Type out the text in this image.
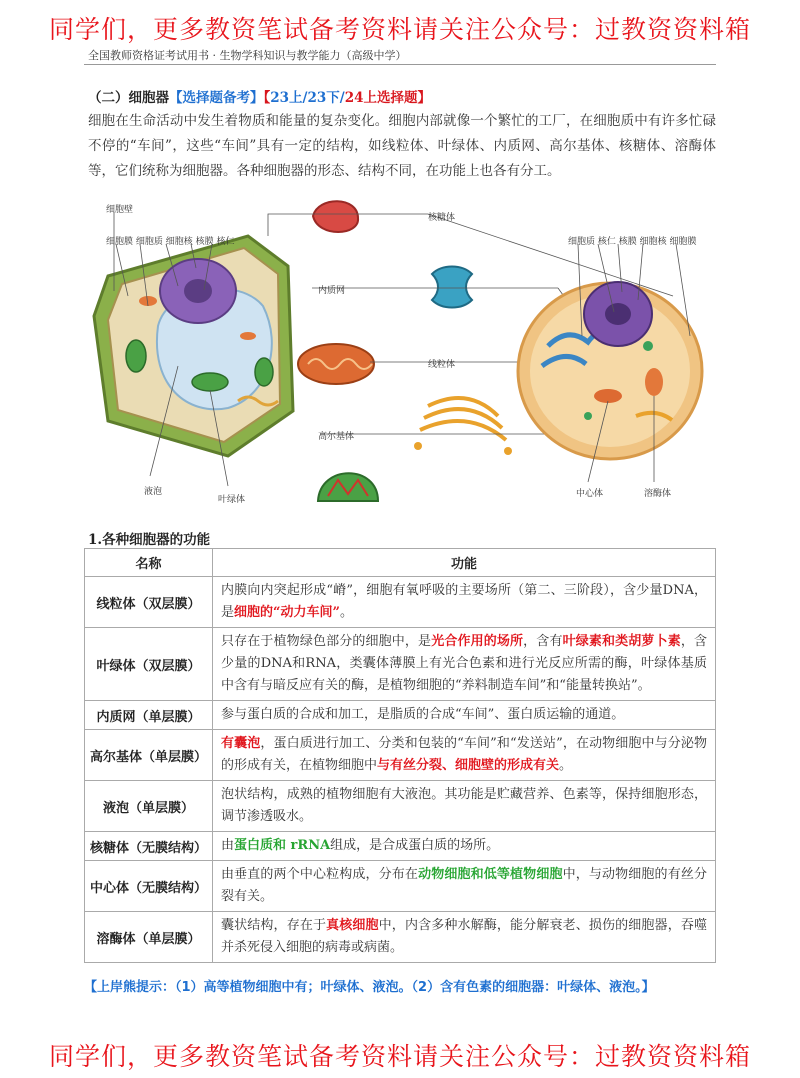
同学们，更多教资笔试备考资料请关注公众号：过教资资料箱
全国教师资格证考试用书 · 生物学科知识与教学能力（高级中学）
（二）细胞器【选择题备考】【23上/23下/24上选择题】

细胞在生命活动中发生着物质和能量的复杂变化。细胞内部就像一个繁忙的工厂，在细胞质中有许多忙碌不停的“车间”，这些“车间”具有一定的结构，如线粒体、叶绿体、内质网、高尔基体、核糖体、溶酶体等，它们统称为细胞器。各种细胞器的形态、结构不同，在功能上也各有分工。

细胞壁
细胞膜 细胞质 细胞核 核膜 核仁
液泡
叶绿体
核糖体
内质网
线粒体
高尔基体
细胞质 核仁 核膜 细胞核 细胞膜
中心体	溶酶体
1.各种细胞器的功能
名称	功能
线粒体（双层膜）	内膜向内突起形成“嵴”，细胞有氧呼吸的主要场所（第二、三阶段），含少量DNA，是细胞的“动力车间”。
叶绿体（双层膜）	只存在于植物绿色部分的细胞中，是光合作用的场所，含有叶绿素和类胡萝卜素，含少量的DNA和RNA，类囊体薄膜上有光合色素和进行光反应所需的酶，叶绿体基质中含有与暗反应有关的酶，是植物细胞的“养料制造车间”和“能量转换站”。
内质网（单层膜）	参与蛋白质的合成和加工，是脂质的合成“车间”、蛋白质运输的通道。
高尔基体（单层膜）	有囊泡，蛋白质进行加工、分类和包装的“车间”和“发送站”，在动物细胞中与分泌物的形成有关，在植物细胞中与有丝分裂、细胞壁的形成有关。
液泡（单层膜）	泡状结构，成熟的植物细胞有大液泡。其功能是贮藏营养、色素等，保持细胞形态，调节渗透吸水。
核糖体（无膜结构）	由蛋白质和 rRNA组成，是合成蛋白质的场所。
中心体（无膜结构）	由垂直的两个中心粒构成，分布在动物细胞和低等植物细胞中，与动物细胞的有丝分裂有关。
溶酶体（单层膜）	囊状结构，存在于真核细胞中，内含多种水解酶，能分解衰老、损伤的细胞器，吞噬并杀死侵入细胞的病毒或病菌。
【上岸熊提示：（1）高等植物细胞中有；叶绿体、液泡。（2）含有色素的细胞器：叶绿体、液泡。】
同学们，更多教资笔试备考资料请关注公众号：过教资资料箱
